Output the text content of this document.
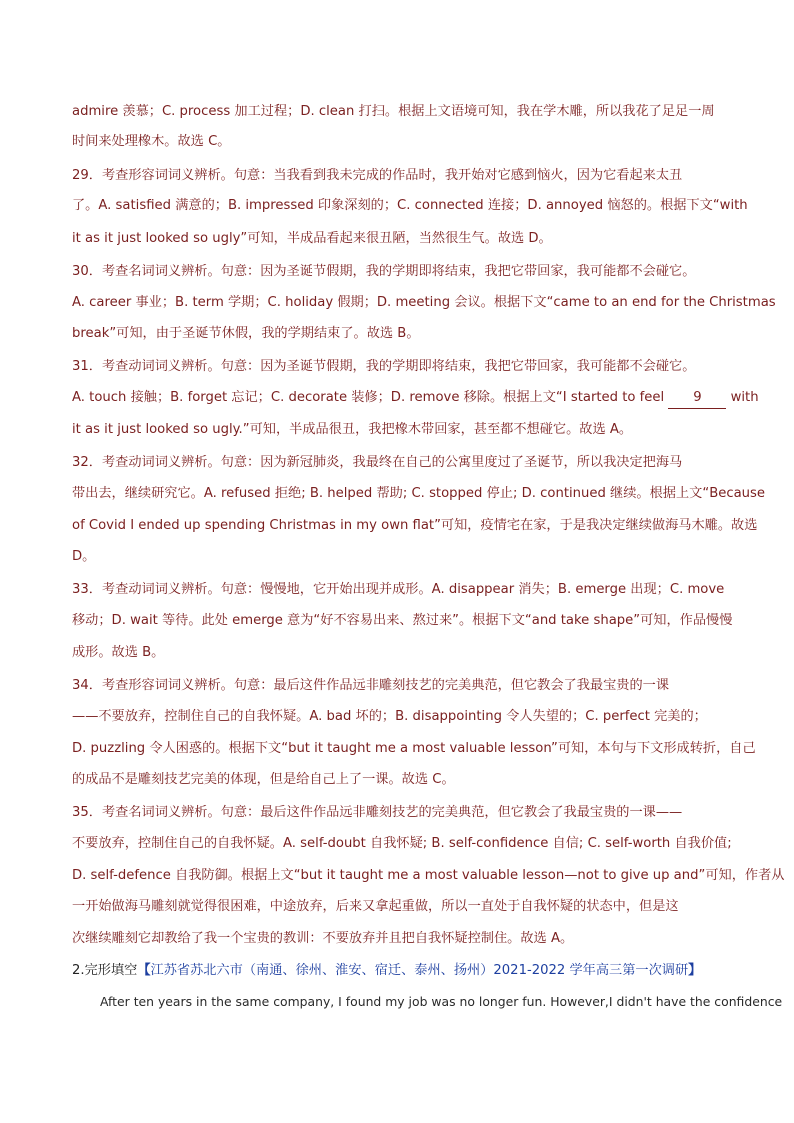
admire 羡慕；C. process 加工过程；D. clean 打扫。根据上文语境可知，我在学木雕，所以我花了足足一周
时间来处理橡木。故选 C。
29．考查形容词词义辨析。句意：当我看到我未完成的作品时，我开始对它感到恼火，因为它看起来太丑
了。A. satisfied 满意的；B. impressed 印象深刻的；C. connected 连接；D. annoyed 恼怒的。根据下文“with
it as it just looked so ugly”可知，半成品看起来很丑陋，当然很生气。故选 D。
30．考查名词词义辨析。句意：因为圣诞节假期，我的学期即将结束，我把它带回家，我可能都不会碰它。
A. career 事业；B. term 学期；C. holiday 假期；D. meeting 会议。根据下文“came to an end for the Christmas
break”可知，由于圣诞节休假，我的学期结束了。故选 B。
31．考查动词词义辨析。句意：因为圣诞节假期，我的学期即将结束，我把它带回家，我可能都不会碰它。
A. touch 接触；B. forget 忘记；C. decorate 装修；D. remove 移除。根据上文“I started to feel 9 with
it as it just looked so ugly.”可知，半成品很丑，我把橡木带回家，甚至都不想碰它。故选 A。
32．考查动词词义辨析。句意：因为新冠肺炎，我最终在自己的公寓里度过了圣诞节，所以我决定把海马
带出去，继续研究它。A. refused 拒绝; B. helped 帮助; C. stopped 停止; D. continued 继续。根据上文“Because
of Covid I ended up spending Christmas in my own flat”可知，疫情宅在家，于是我决定继续做海马木雕。故选
D。
33．考查动词词义辨析。句意：慢慢地，它开始出现并成形。A. disappear 消失；B. emerge 出现；C. move
移动；D. wait 等待。此处 emerge 意为“好不容易出来、熬过来”。根据下文“and take shape”可知，作品慢慢
成形。故选 B。
34．考查形容词词义辨析。句意：最后这件作品远非雕刻技艺的完美典范，但它教会了我最宝贵的一课
——不要放弃，控制住自己的自我怀疑。A. bad 坏的；B. disappointing 令人失望的；C. perfect 完美的；
D. puzzling 令人困惑的。根据下文“but it taught me a most valuable lesson”可知，本句与下文形成转折，自己
的成品不是雕刻技艺完美的体现，但是给自己上了一课。故选 C。
35．考查名词词义辨析。句意：最后这件作品远非雕刻技艺的完美典范，但它教会了我最宝贵的一课——
不要放弃，控制住自己的自我怀疑。A. self-doubt 自我怀疑; B. self-confidence 自信; C. self-worth 自我价值;
D. self-defence 自我防御。根据上文“but it taught me a most valuable lesson—not to give up and”可知，作者从
一开始做海马雕刻就觉得很困难，中途放弃，后来又拿起重做，所以一直处于自我怀疑的状态中，但是这
次继续雕刻它却教给了我一个宝贵的教训：不要放弃并且把自我怀疑控制住。故选 A。
2.完形填空【江苏省苏北六市（南通、徐州、淮安、宿迁、泰州、扬州）2021-2022 学年高三第一次调研】
After ten years in the same company, I found my job was no longer fun. However,I didn't have the confidence
